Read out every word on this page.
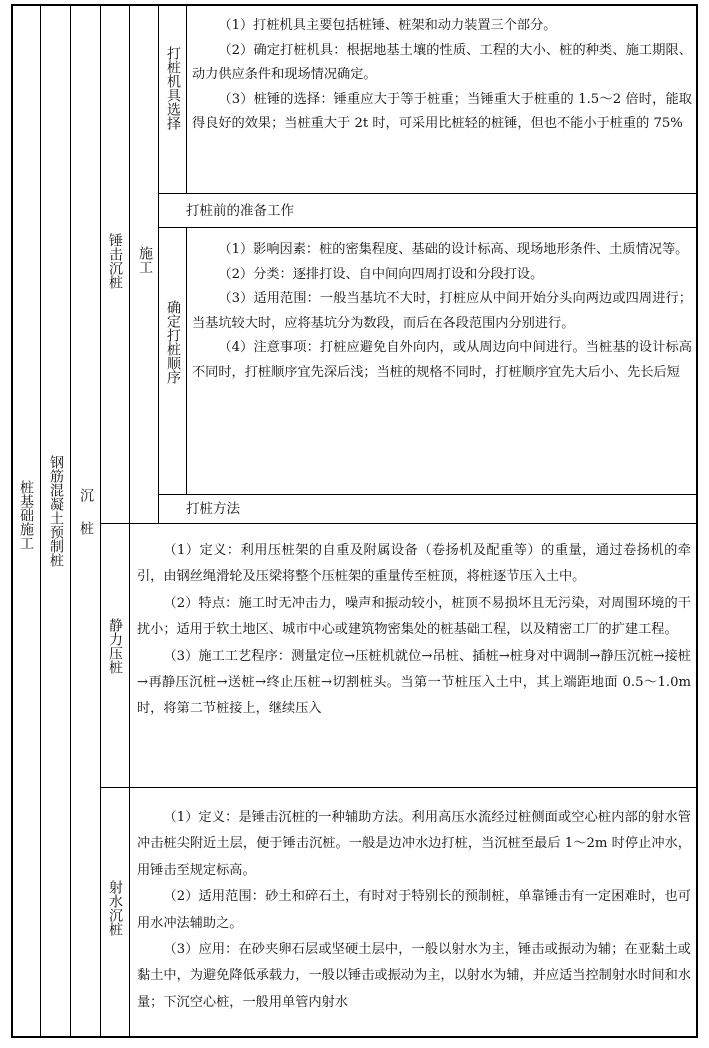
桩基础施工 钢筋混凝土预制桩 沉桩
锤击沉桩 施工
打桩机具选择
确定打桩顺序
静力压桩
射水沉桩

（1）打桩机具主要包括桩锤、桩架和动力装置三个部分。

（2）确定打桩机具：根据地基土壤的性质、工程的大小、桩的种类、施工期限、动力供应条件和现场情况确定。

（3）桩锤的选择：锤重应大于等于桩重；当锤重大于桩重的 1.5～2 倍时，能取得良好的效果；当桩重大于 2t 时，可采用比桩轻的桩锤，但也不能小于桩重的 75%

打桩前的准备工作

（1）影响因素：桩的密集程度、基础的设计标高、现场地形条件、土质情况等。

（2）分类：逐排打设、自中间向四周打设和分段打设。

（3）适用范围：一般当基坑不大时，打桩应从中间开始分头向两边或四周进行；当基坑较大时，应将基坑分为数段，而后在各段范围内分别进行。

（4）注意事项：打桩应避免自外向内，或从周边向中间进行。当桩基的设计标高不同时，打桩顺序宜先深后浅；当桩的规格不同时，打桩顺序宜先大后小、先长后短

打桩方法

（1）定义：利用压桩架的自重及附属设备（卷扬机及配重等）的重量，通过卷扬机的牵引，由钢丝绳滑轮及压梁将整个压桩架的重量传至桩顶，将桩逐节压入土中。

（2）特点：施工时无冲击力，噪声和振动较小，桩顶不易损坏且无污染，对周围环境的干扰小；适用于软土地区、城市中心或建筑物密集处的桩基础工程，以及精密工厂的扩建工程。

（3）施工工艺程序：测量定位→压桩机就位→吊桩、插桩→桩身对中调制→静压沉桩→接桩→再静压沉桩→送桩→终止压桩→切割桩头。当第一节桩压入土中，其上端距地面 0.5～1.0m 时，将第二节桩接上，继续压入

（1）定义：是锤击沉桩的一种辅助方法。利用高压水流经过桩侧面或空心桩内部的射水管冲击桩尖附近土层，便于锤击沉桩。一般是边冲水边打桩，当沉桩至最后 1～2m 时停止冲水，用锤击至规定标高。

（2）适用范围：砂土和碎石土，有时对于特别长的预制桩，单靠锤击有一定困难时，也可用水冲法辅助之。

（3）应用：在砂夹卵石层或坚硬土层中，一般以射水为主，锤击或振动为辅；在亚黏土或黏土中，为避免降低承载力，一般以锤击或振动为主，以射水为辅，并应适当控制射水时间和水量；下沉空心桩，一般用单管内射水
